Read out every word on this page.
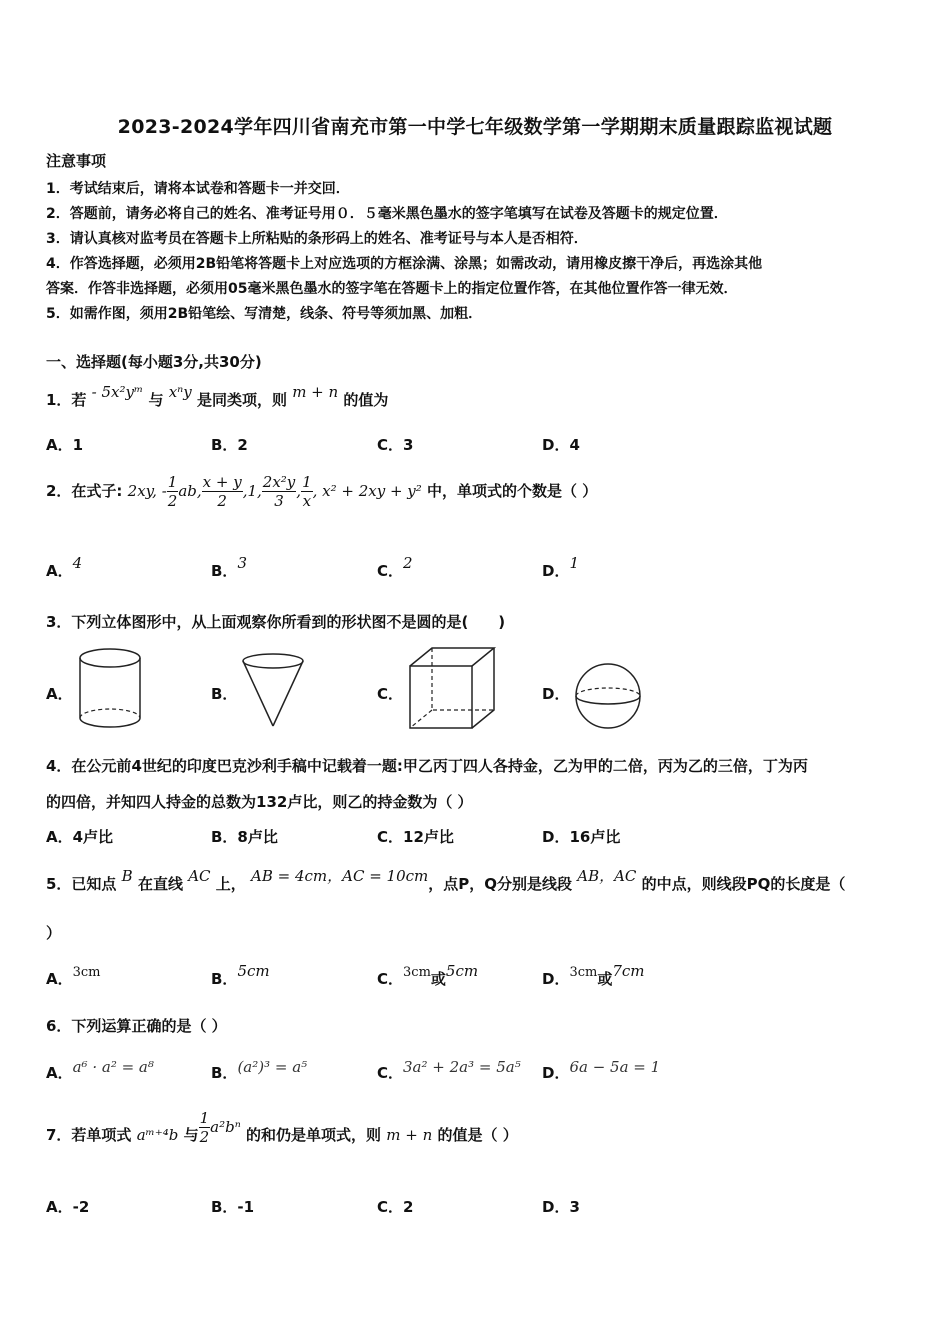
2023-2024学年四川省南充市第一中学七年级数学第一学期期末质量跟踪监视试题
注意事项
1．考试结束后，请将本试卷和答题卡一并交回．
2．答题前，请务必将自己的姓名、准考证号用０．５毫米黑色墨水的签字笔填写在试卷及答题卡的规定位置．
3．请认真核对监考员在答题卡上所粘贴的条形码上的姓名、准考证号与本人是否相符．
4．作答选择题，必须用2B铅笔将答题卡上对应选项的方框涂满、涂黑；如需改动，请用橡皮擦干净后，再选涂其他
答案．作答非选择题，必须用05毫米黑色墨水的签字笔在答题卡上的指定位置作答，在其他位置作答一律无效．
5．如需作图，须用2B铅笔绘、写清楚，线条、符号等须加黑、加粗．
一、选择题(每小题3分,共30分)
1．若 - 5x²yᵐ 与 xⁿy 是同类项，则 m + n 的值为
A．1	B．2	C．3	D．4
2．在式子: 2xy, - $\frac{1}{2}$ ab, $\frac{x + y}{2} ,1$, $\frac{\text{2x²y}}{3}$ , $\frac{1}{x}$ , x² + 2xy + y² 中，单项式的个数是（ ）
A．4	B．3	C．2	D．1
3．下列立体图形中，从上面观察你所看到的形状图不是圆的是(　　)
A．	B．	C．	D．
4．在公元前4世纪的印度巴克沙利手稿中记载着一题:甲乙丙丁四人各持金，乙为甲的二倍，丙为乙的三倍，丁为丙
的四倍，并知四人持金的总数为132卢比，则乙的持金数为（ ）
A．4卢比	B．8卢比	C．12卢比	D．16卢比
5．已知点 B 在直线 AC 上， AB = 4cm，AC = 10cm，点P，Q分别是线段 AB，AC 的中点，则线段PQ的长度是（
）
A．3cm	B．5cm	C．3cm或5cm	D．3cm或7cm
6．下列运算正确的是（ ）
A．a⁶ · a² = a⁸	B．(a²)³ = a⁵	C．3a² + 2a³ = 5a⁵ D．6a − 5a = 1
7．若单项式 aᵐ⁺⁴b 与 $\frac{1}{2} a^2b^n$ 的和仍是单项式，则 m + n 的值是（ ）
A．-2	B．-1	C．2	D．3
